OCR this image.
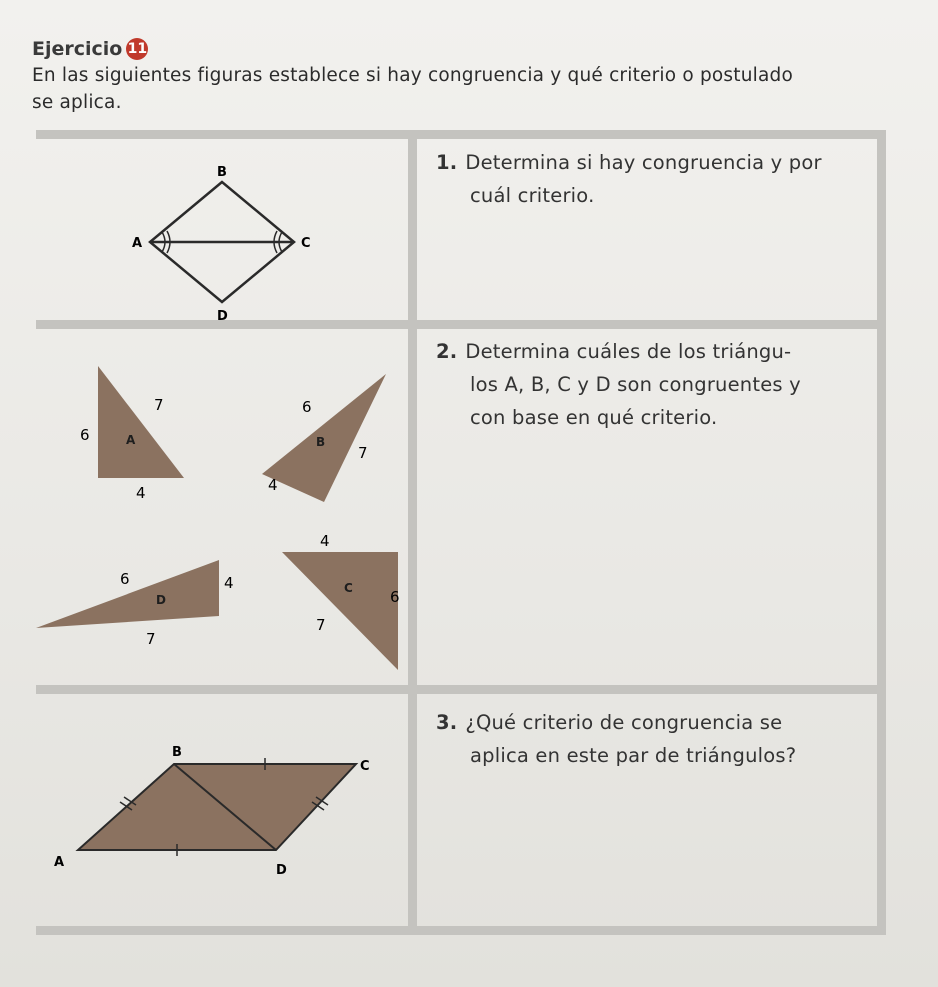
Ejercicio 11
En las siguientes figuras establece si hay congruencia y qué criterio o postulado
se aplica.
1. Determina si hay congruencia y por
cuál criterio.
2. Determina cuáles de los triángu-
los A, B, C y D son congruentes y
con base en qué criterio.
3. ¿Qué criterio de congruencia se
aplica en este par de triángulos?
B
A	C
D
7
6
4
A
6
7
4
B
6	4
7
D
4
6
7
C
B
C
A
D
